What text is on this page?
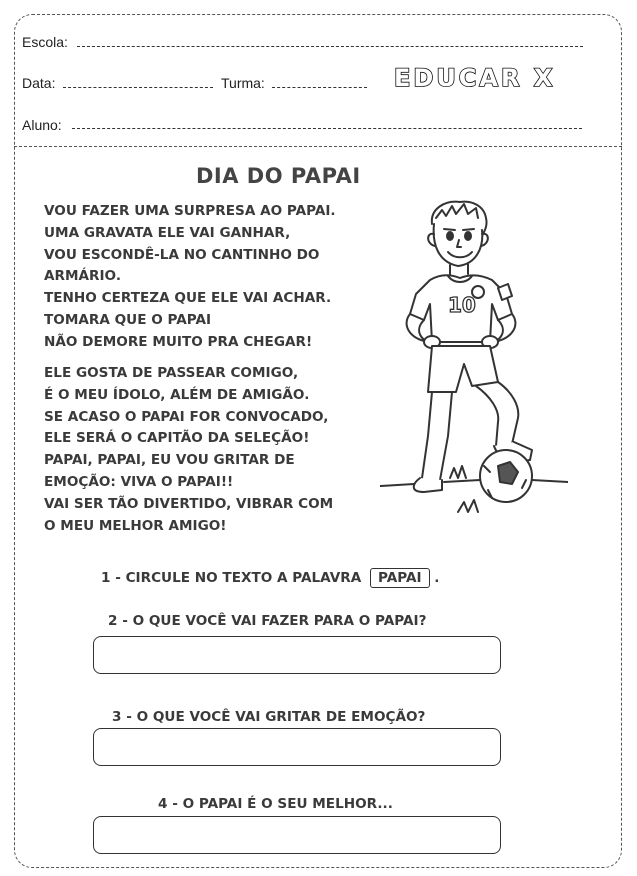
Escola:
Data:	Turma:	EDUCAR X
Aluno:
DIA DO PAPAI
VOU FAZER UMA SURPRESA AO PAPAI.
UMA GRAVATA ELE VAI GANHAR,
VOU ESCONDÊ-LA NO CANTINHO DO
ARMÁRIO.
TENHO CERTEZA QUE ELE VAI ACHAR.
TOMARA QUE O PAPAI
NÃO DEMORE MUITO PRA CHEGAR!
ELE GOSTA DE PASSEAR COMIGO,
É O MEU ÍDOLO, ALÉM DE AMIGÃO.
SE ACASO O PAPAI FOR CONVOCADO,
ELE SERÁ O CAPITÃO DA SELEÇÃO!
PAPAI, PAPAI, EU VOU GRITAR DE
EMOÇÃO: VIVA O PAPAI!!
VAI SER TÃO DIVERTIDO, VIBRAR COM
O MEU MELHOR AMIGO!
10
1 - CIRCULE NO TEXTO A PALAVRA PAPAI .
2 - O QUE VOCÊ VAI FAZER PARA O PAPAI?
3 - O QUE VOCÊ VAI GRITAR DE EMOÇÃO?
4 - O PAPAI É O SEU MELHOR...
